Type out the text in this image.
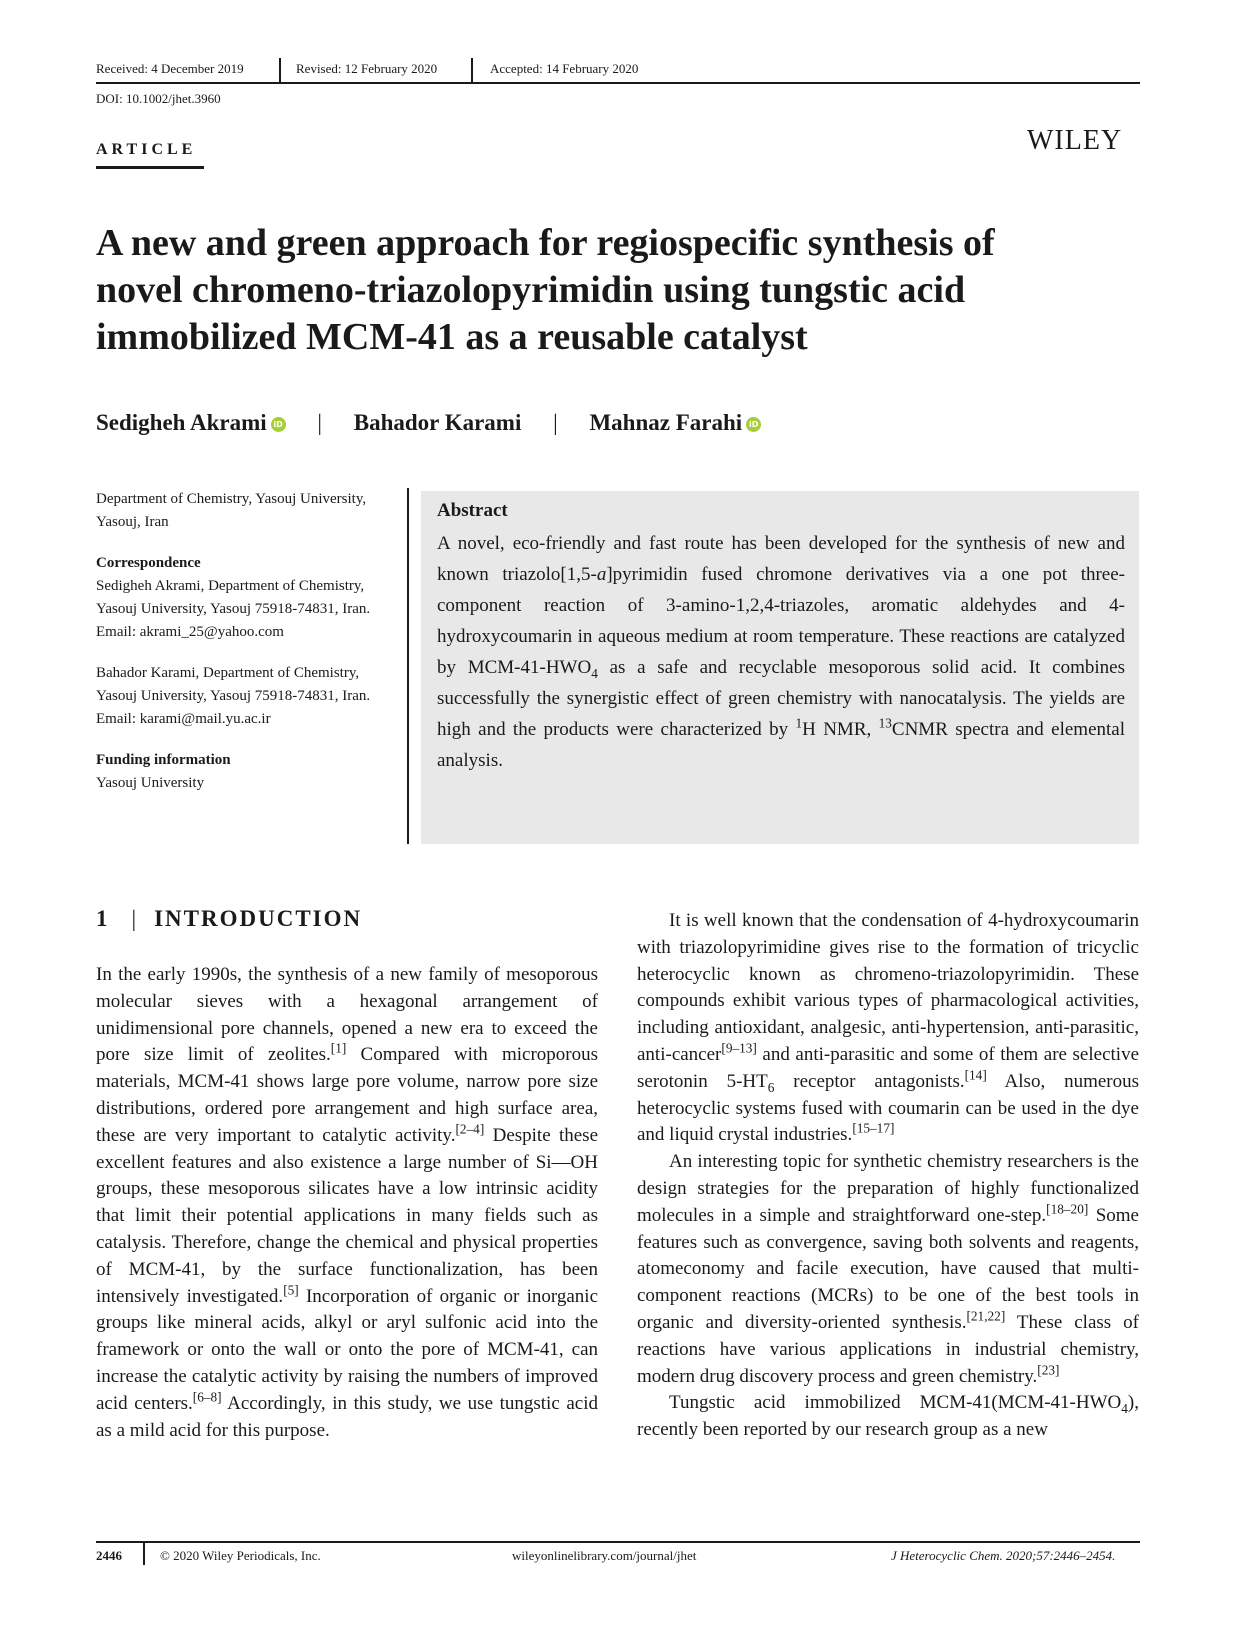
Received: 4 December 2019	Revised: 12 February 2020	Accepted: 14 February 2020
DOI: 10.1002/jhet.3960
ARTICLE	WILEY
A new and green approach for regiospecific synthesis of
novel chromeno-triazolopyrimidin using tungstic acid
immobilized MCM-41 as a reusable catalyst
Sedigheh Akrami iD | Bahador Karami | Mahnaz Farahi iD

Department of Chemistry, Yasouj University, Yasouj, Iran

Correspondence

Sedigheh Akrami, Department of Chemistry, Yasouj University, Yasouj 75918-74831, Iran.

Email: akrami_25@yahoo.com

Bahador Karami, Department of Chemistry, Yasouj University, Yasouj 75918-74831, Iran.

Email: karami@mail.yu.ac.ir

Funding information

Yasouj University

Abstract
A novel, eco-friendly and fast route has been developed for the synthesis of new and known triazolo[1,5-a]pyrimidin fused chromone derivatives via a one pot three-component reaction of 3-amino-1,2,4-triazoles, aromatic aldehydes and 4-hydroxycoumarin in aqueous medium at room temperature. These reactions are catalyzed by MCM-$41-HWO_4$ as a safe and recyclable mesoporous solid acid. It combines successfully the synergistic effect of green chemistry with nanocatalysis. The yields are high and the products were characterized by $^1$H NMR, $^{13}$CNMR spectra and elemental analysis.
1 | INTRODUCTION

In the early 1990s, the synthesis of a new family of mesoporous molecular sieves with a hexagonal arrangement of unidimensional pore channels, opened a new era to exceed the pore size limit of zeolites.[1] Compared with microporous materials, MCM-41 shows large pore volume, narrow pore size distributions, ordered pore arrangement and high surface area, these are very important to catalytic activity.[2–4] Despite these excellent features and also existence a large number of Si—OH groups, these mesoporous silicates have a low intrinsic acidity that limit their potential applications in many fields such as catalysis. Therefore, change the chemical and physical properties of MCM-41, by the surface functionalization, has been intensively investigated.[5] Incorporation of organic or inorganic groups like mineral acids, alkyl or aryl sulfonic acid into the framework or onto the wall or onto the pore of MCM-41, can increase the catalytic activity by raising the numbers of improved acid centers.[6–8] Accordingly, in this study, we use tungstic acid as a mild acid for this purpose.

It is well known that the condensation of 4-hydroxycoumarin with triazolopyrimidine gives rise to the formation of tricyclic heterocyclic known as chromeno-triazolopyrimidin. These compounds exhibit various types of pharmacological activities, including antioxidant, analgesic, anti-hypertension, anti-parasitic, anti-cancer[9–13] and anti-parasitic and some of them are selective serotonin $5-HT_6$ receptor antagonists.[14] Also, numerous heterocyclic systems fused with coumarin can be used in the dye and liquid crystal industries.[15–17]

An interesting topic for synthetic chemistry researchers is the design strategies for the preparation of highly functionalized molecules in a simple and straightforward one-step.[18–20] Some features such as convergence, saving both solvents and reagents, atomeconomy and facile execution, have caused that multi-component reactions (MCRs) to be one of the best tools in organic and diversity-oriented synthesis.[21,22] These class of reactions have various applications in industrial chemistry, modern drug discovery process and green chemistry.[23]

Tungstic acid immobilized MCM-$41(MCM-41-HWO_4)$, recently been reported by our research group as a new

2446	© 2020 Wiley Periodicals, Inc.	wileyonlinelibrary.com/journal/jhet	J Heterocyclic Chem. 2020;57:2446–2454.
